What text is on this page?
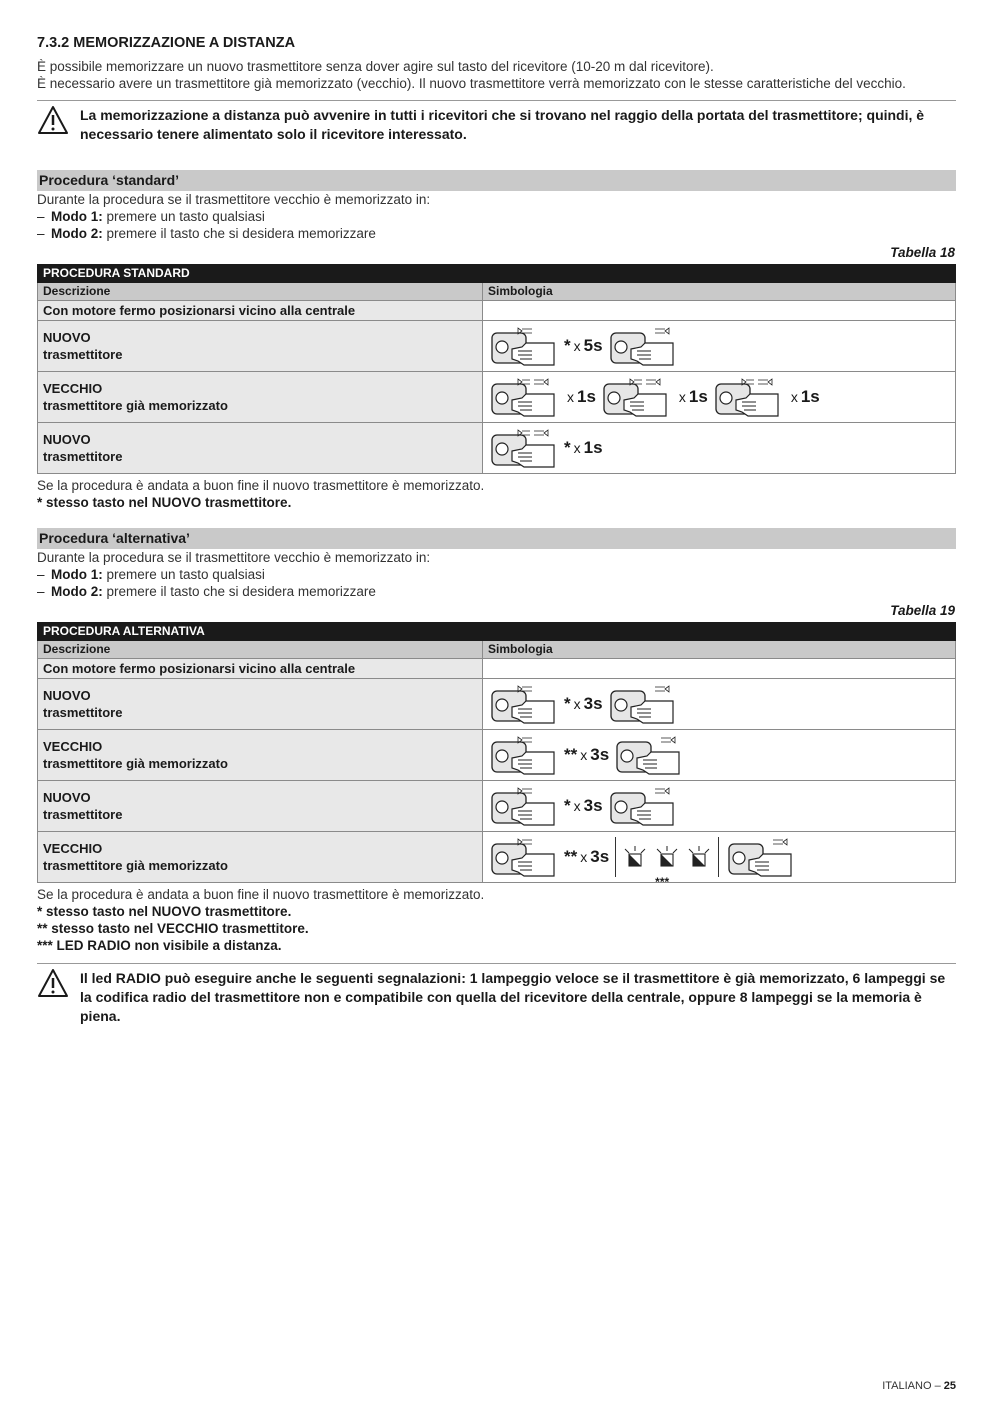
7.3.2 MEMORIZZAZIONE A DISTANZA

È possibile memorizzare un nuovo trasmettitore senza dover agire sul tasto del ricevitore (10-20 m dal ricevitore).

È necessario avere un trasmettitore già memorizzato (vecchio). Il nuovo trasmettitore verrà memorizzato con le stesse caratteristiche del vecchio.

La memorizzazione a distanza può avvenire in tutti i ricevitori che si trovano nel raggio della portata del trasmettitore; quindi, è necessario tenere alimentato solo il ricevitore interessato.
Procedura ‘standard’

Durante la procedura se il trasmettitore vecchio è memorizzato in:

– Modo 1: premere un tasto qualsiasi
– Modo 2: premere il tasto che si desidera memorizzare
Tabella 18
PROCEDURA STANDARD	
Descrizione	Simbologia
Con motore fermo posizionarsi vicino alla centrale	

NUOVO
trasmettitore	* x 5s

VECCHIO
trasmettitore già memorizzato	x 1s x 1s x 1s

NUOVO
trasmettitore	* x 1s

Se la procedura è andata a buon fine il nuovo trasmettitore è memorizzato.

* stesso tasto nel NUOVO trasmettitore.

Procedura ‘alternativa’

Durante la procedura se il trasmettitore vecchio è memorizzato in:

– Modo 1: premere un tasto qualsiasi
– Modo 2: premere il tasto che si desidera memorizzare
Tabella 19
PROCEDURA ALTERNATIVA	
Descrizione	Simbologia
Con motore fermo posizionarsi vicino alla centrale	

NUOVO
trasmettitore	* x 3s

VECCHIO
trasmettitore già memorizzato	** x 3s

NUOVO
trasmettitore	* x 3s

VECCHIO
trasmettitore già memorizzato	** x 3s
***

Se la procedura è andata a buon fine il nuovo trasmettitore è memorizzato.

* stesso tasto nel NUOVO trasmettitore.

** stesso tasto nel VECCHIO trasmettitore.

*** LED RADIO non visibile a distanza.

Il led RADIO può eseguire anche le seguenti segnalazioni: 1 lampeggio veloce se il trasmettitore è già memorizzato, 6 lampeggi se la codifica radio del trasmettitore non e compatibile con quella del ricevitore della centrale, oppure 8 lampeggi se la memoria è piena.
ITALIANO – 25
